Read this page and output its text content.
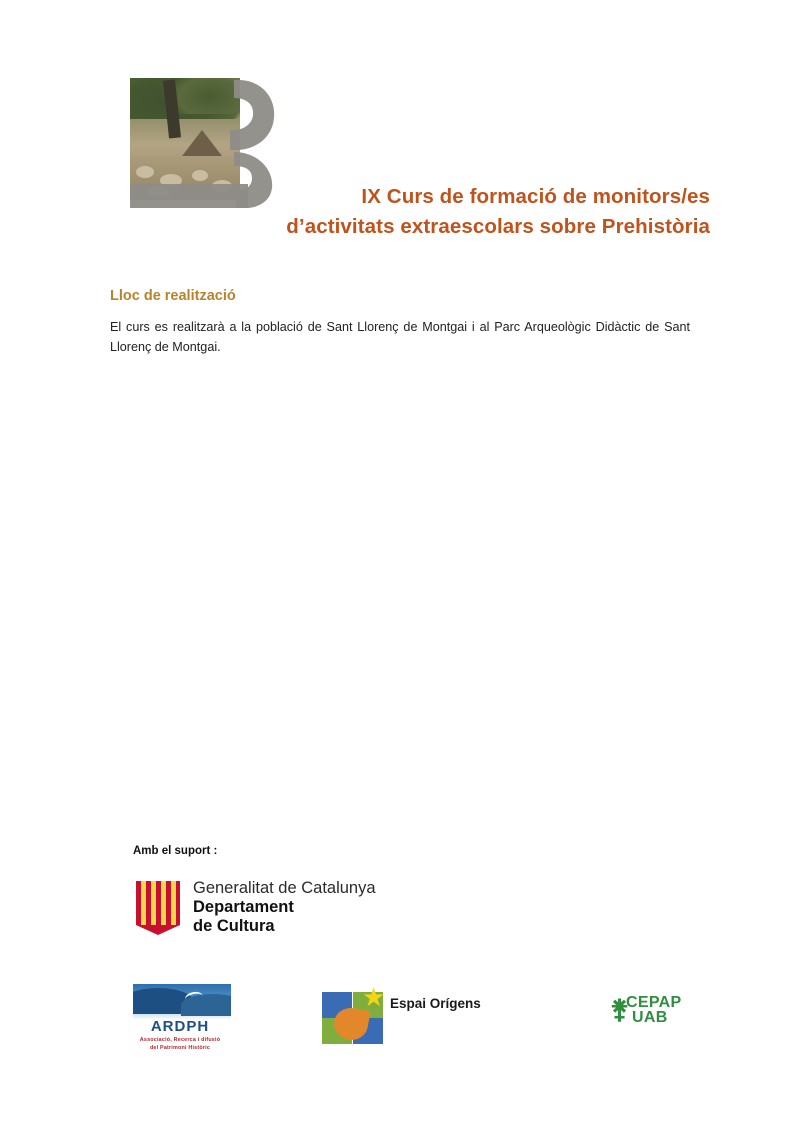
IX Curs de formació de monitors/es
d’activitats extraescolars sobre Prehistòria
Lloc de realització

El curs es realitzarà a la població de Sant Llorenç de Montgai i al Parc Arqueològic Didàctic de Sant Llorenç de Montgai.

Amb el suport :
Generalitat de Catalunya
Departament
de Cultura
ARDPH
Associació, Recerca i difusió
del Patrimoni Històric
★ Espai Orígens	⚵
CEPAP
UAB
